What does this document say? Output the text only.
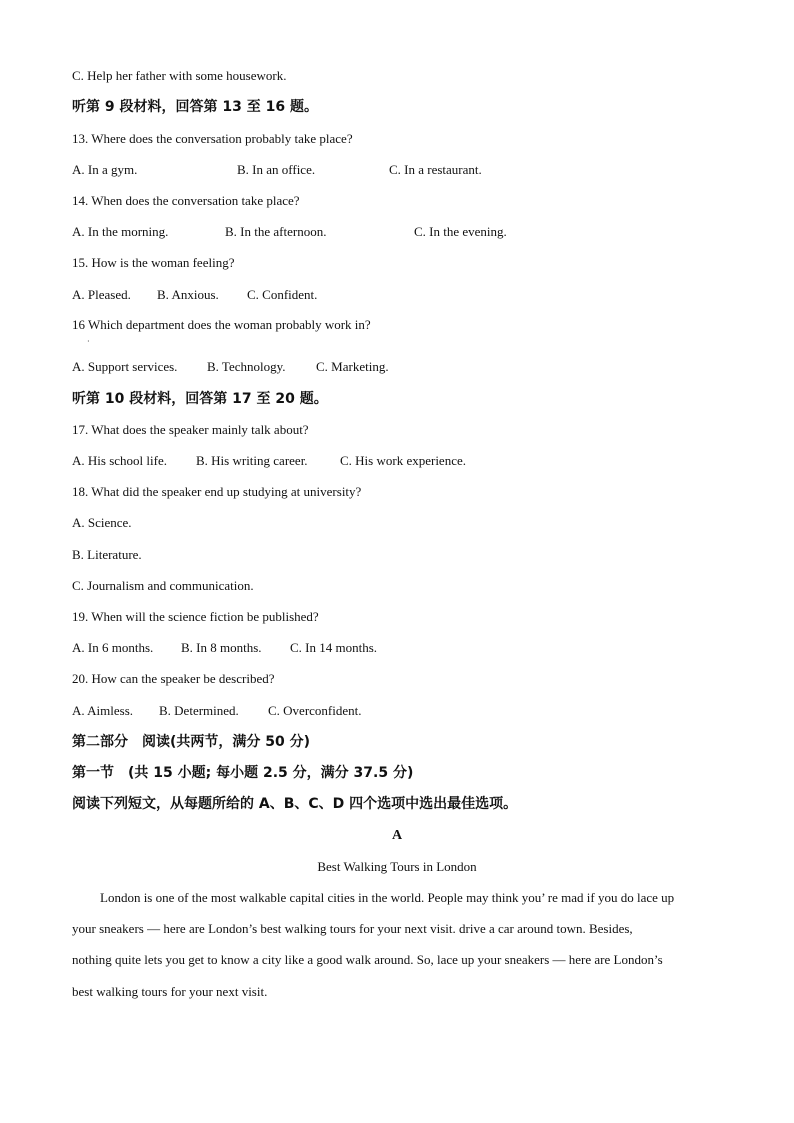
C. Help her father with some housework.
听第 9 段材料，回答第 13 至 16 题。
13. Where does the conversation probably take place?
A. In a gym.	B. In an office.	C. In a restaurant.
14. When does the conversation take place?
A. In the morning.	B. In the afternoon.	C. In the evening.
15. How is the woman feeling?
A. Pleased. B. Anxious. C. Confident.
16 Which department does the woman probably work in?
·
A. Support services. B. Technology. C. Marketing.
听第 10 段材料，回答第 17 至 20 题。
17. What does the speaker mainly talk about?
A. His school life. B. His writing career. C. His work experience.
18. What did the speaker end up studying at university?
A. Science.
B. Literature.
C. Journalism and communication.
19. When will the science fiction be published?
A. In 6 months. B. In 8 months. C. In 14 months.
20. How can the speaker be described?
A. Aimless. B. Determined. C. Overconfident.
第二部分　阅读(共两节，满分 50 分)
第一节　(共 15 小题; 每小题 2.5 分，满分 37.5 分)
阅读下列短文，从每题所给的 A、B、C、D 四个选项中选出最佳选项。
A
Best Walking Tours in London
London is one of the most walkable capital cities in the world. People may think you’ re mad if you do lace up
your sneakers — here are London’s best walking tours for your next visit. drive a car around town. Besides,
nothing quite lets you get to know a city like a good walk around. So, lace up your sneakers — here are London’s
best walking tours for your next visit.
